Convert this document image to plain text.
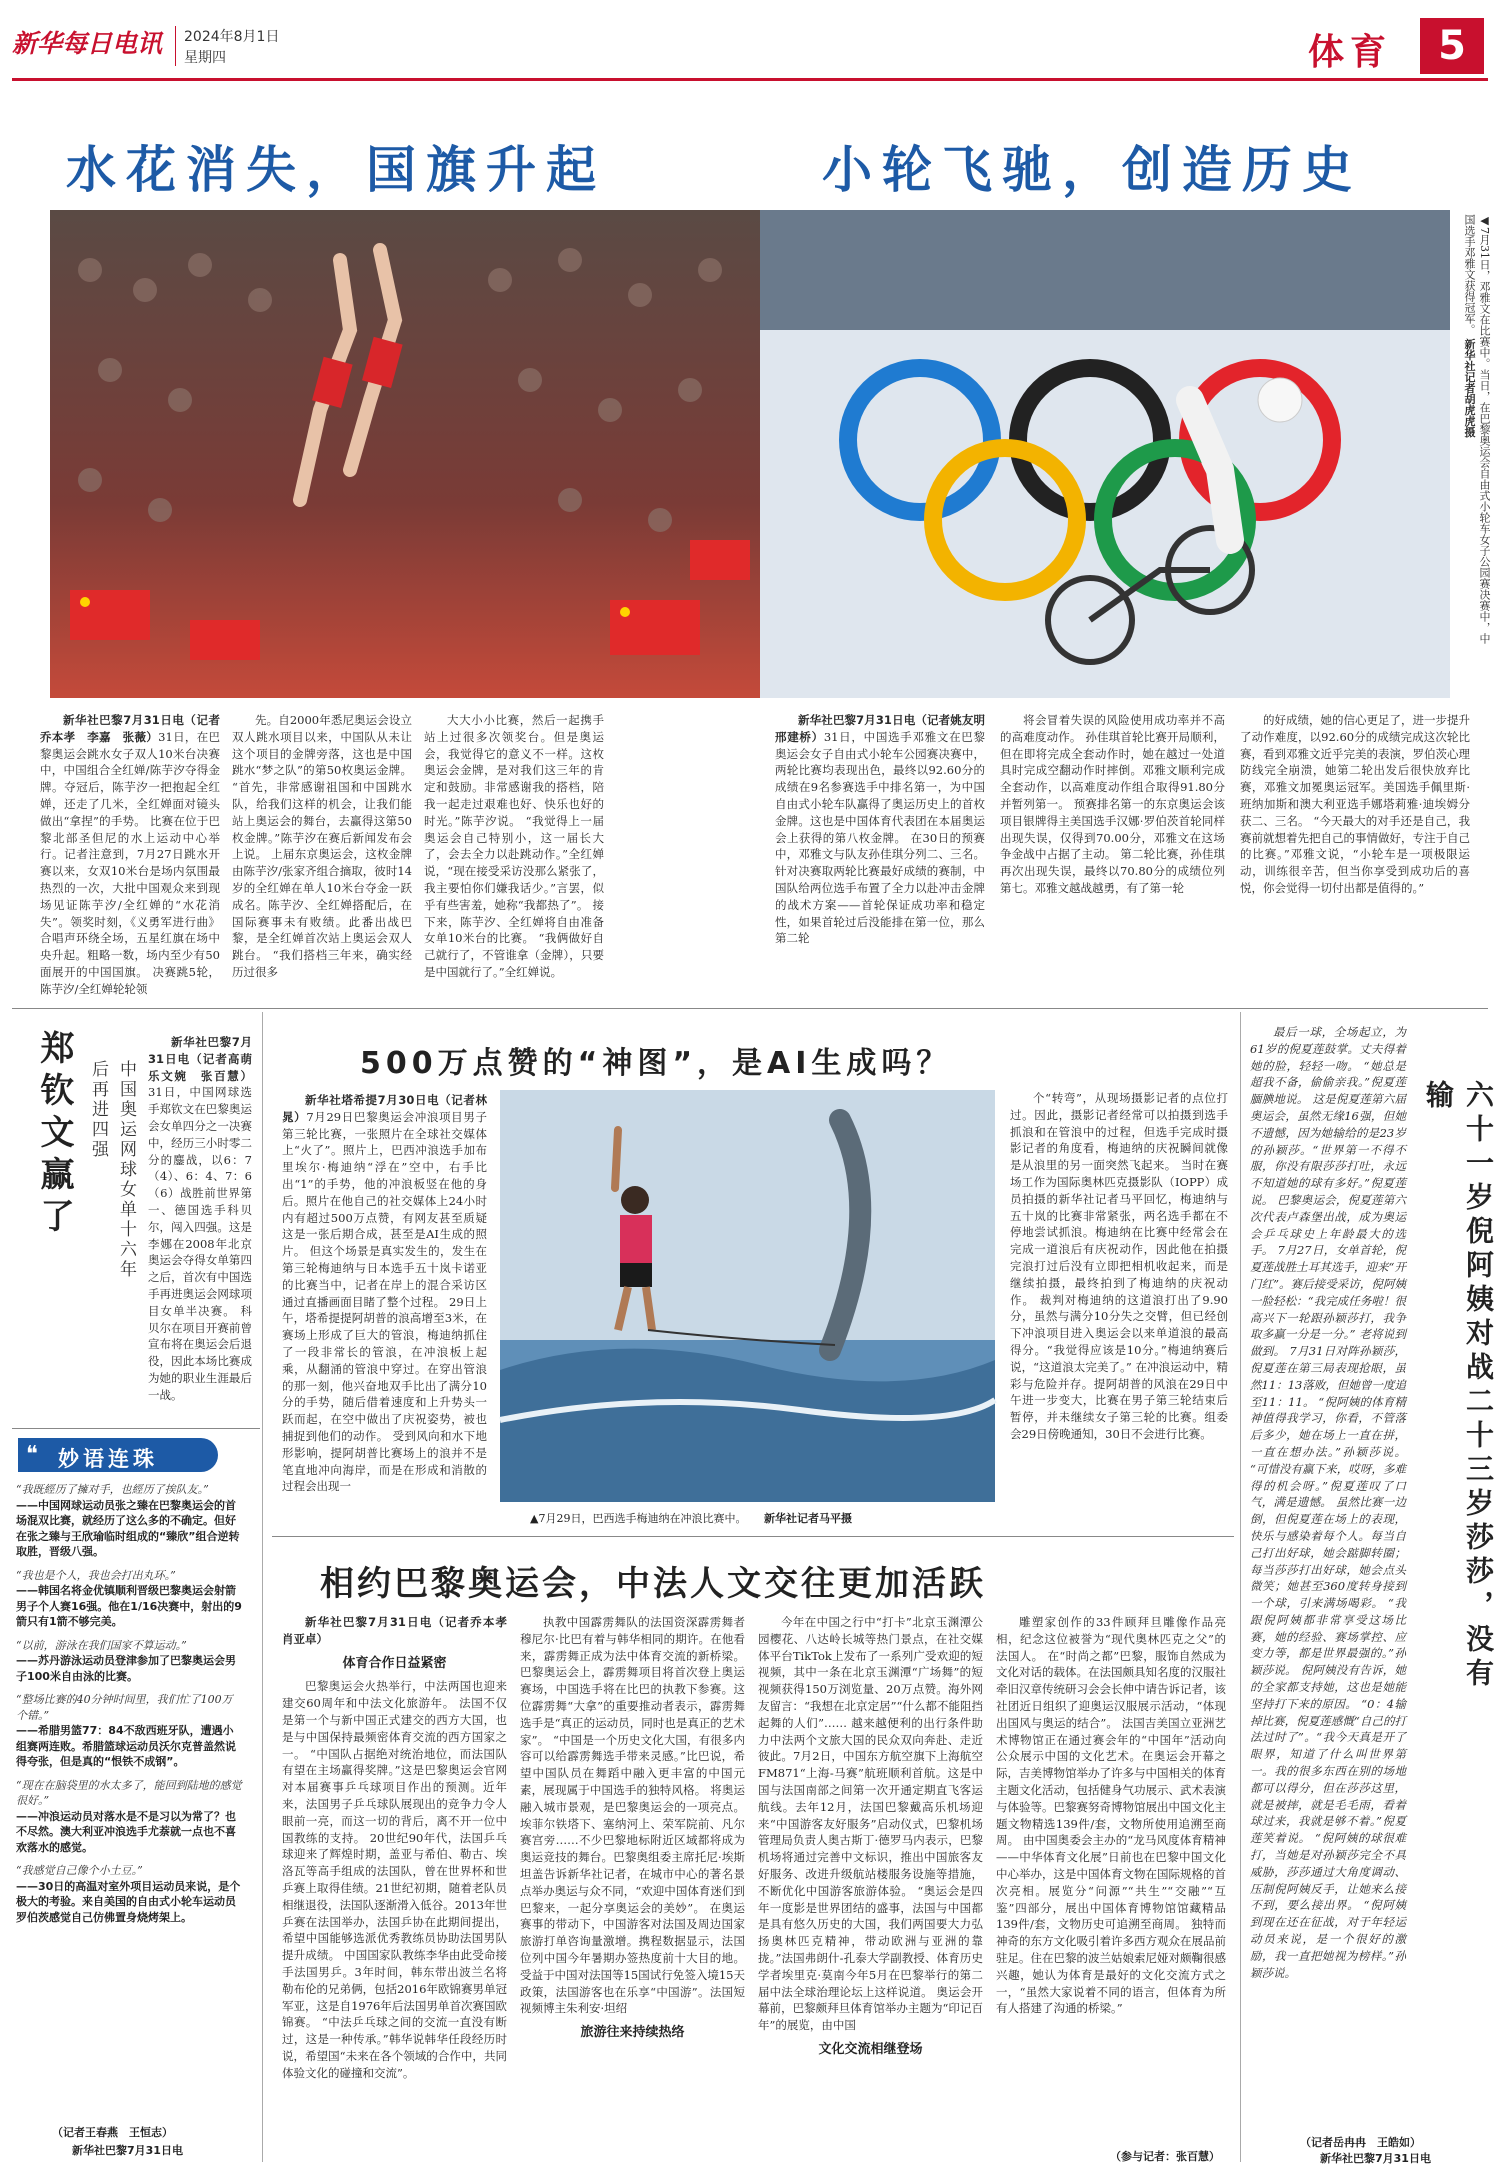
新华每日电讯 2024年8月1日
星期四	体育	5
水花消失，国旗升起	小轮飞驰，创造历史
◀7月31日，邓雅文在比赛中。当日，在巴黎奥运会自由式小轮车女子公园赛决赛中，中国选手邓雅文获得冠军。 新华社记者胡虎虎摄

新华社巴黎7月31日电（记者乔本孝　李嘉　张薇）31日，在巴黎奥运会跳水女子双人10米台决赛中，中国组合全红婵/陈芋汐夺得金牌。夺冠后，陈芋汐一把抱起全红婵，还走了几米，全红婵面对镜头做出“拿捏”的手势。 比赛在位于巴黎北部圣但尼的水上运动中心举行。记者注意到，7月27日跳水开赛以来，女双10米台是场内氛围最热烈的一次，大批中国观众来到现场见证陈芋汐/全红婵的“水花消失”。领奖时刻，《义勇军进行曲》合唱声环绕全场，五星红旗在场中央升起。粗略一数，场内至少有50面展开的中国国旗。 决赛跳5轮，陈芋汐/全红婵轮轮领

先。自2000年悉尼奥运会设立双人跳水项目以来，中国队从未让这个项目的金牌旁落，这也是中国跳水“梦之队”的第50枚奥运金牌。 “首先，非常感谢祖国和中国跳水队，给我们这样的机会，让我们能站上奥运会的舞台，去赢得这第50枚金牌。”陈芋汐在赛后新闻发布会上说。 上届东京奥运会，这枚金牌由陈芋汐/张家齐组合摘取，彼时14岁的全红婵在单人10米台夺金一跃成名。陈芋汐、全红婵搭配后，在国际赛事未有败绩。此番出战巴黎，是全红婵首次站上奥运会双人跳台。 “我们搭档三年来，确实经历过很多

大大小小比赛，然后一起携手站上过很多次领奖台。但是奥运会，我觉得它的意义不一样。这枚奥运会金牌，是对我们这三年的肯定和鼓励。非常感谢我的搭档，陪我一起走过艰难也好、快乐也好的时光。”陈芋汐说。 “我觉得上一届奥运会自己特别小，这一届长大了，会去全力以赴跳动作。”全红婵说，“现在接受采访没那么紧张了，我主要怕你们嫌我话少。”言罢，似乎有些害羞，她称“我都热了”。 接下来，陈芋汐、全红婵将自由准备女单10米台的比赛。 “我俩做好自己就行了，不管谁拿（金牌），只要是中国就行了。”全红婵说。

新华社巴黎7月31日电（记者姚友明　邢建桥）31日，中国选手邓雅文在巴黎奥运会女子自由式小轮车公园赛决赛中，两轮比赛均表现出色，最终以92.60分的成绩在9名参赛选手中排名第一，为中国自由式小轮车队赢得了奥运历史上的首枚金牌。这也是中国体育代表团在本届奥运会上获得的第八枚金牌。 在30日的预赛中，邓雅文与队友孙佳琪分列二、三名。针对决赛取两轮比赛最好成绩的赛制，中国队给两位选手布置了全力以赴冲击金牌的战术方案——首轮保证成功率和稳定性，如果首轮过后没能排在第一位，那么第二轮

将会冒着失误的风险使用成功率并不高的高难度动作。 孙佳琪首轮比赛开局顺利，但在即将完成全套动作时，她在越过一处道具时完成空翻动作时摔倒。邓雅文顺利完成全套动作，以高难度动作组合取得91.80分并暂列第一。 预赛排名第一的东京奥运会该项目银牌得主美国选手汉娜·罗伯茨首轮同样出现失误，仅得到70.00分，邓雅文在这场争金战中占据了主动。 第二轮比赛，孙佳琪再次出现失误，最终以70.80分的成绩位列第七。邓雅文越战越勇，有了第一轮

的好成绩，她的信心更足了，进一步提升了动作难度，以92.60分的成绩完成这次轮比赛，看到邓雅文近乎完美的表演，罗伯茨心理防线完全崩溃，她第二轮出发后很快放弃比赛，邓雅文加冕奥运冠军。美国选手佩里斯·班纳加斯和澳大利亚选手娜塔莉雅·迪埃姆分获二、三名。 “今天最大的对手还是自己，我赛前就想着先把自己的事情做好，专注于自己的比赛。”邓雅文说，“小轮车是一项极限运动，训练很辛苦，但当你享受到成功后的喜悦，你会觉得一切付出都是值得的。”

郑钦文赢了	中国奥运网球女单十六年后再进四强

新华社巴黎7月31日电（记者高萌　乐文婉　张百慧）31日，中国网球选手郑钦文在巴黎奥运会女单四分之一决赛中，经历三小时零二分的鏖战，以6：7（4）、6：4、7：6（6）战胜前世界第一、德国选手科贝尔，闯入四强。这是李娜在2008年北京奥运会夺得女单第四之后，首次有中国选手再进奥运会网球项目女单半决赛。 科贝尔在项目开赛前曾宣布将在奥运会后退役，因此本场比赛成为她的职业生涯最后一战。

❝ 妙语连珠
“我既經历了擁对手，也經历了挨队友。”
——中国网球运动员张之臻在巴黎奥运会的首场混双比赛，就经历了这么多的不确定。但好在张之臻与王欣瑜临时组成的“臻欣”组合逆转取胜，晋级八强。
“我也是个人，我也会打出丸环。”
——韩国名将金优镇顺利晋级巴黎奥运会射箭男子个人赛16强。他在1/16决赛中，射出的9箭只有1箭不够完美。
“以前，游泳在我们国家不算运动。”
——苏丹游泳运动员登津参加了巴黎奥运会男子100米自由泳的比赛。
“整场比赛的40分钟时间里，我们忙了100万个错。”
——希腊男篮77：84不敌西班牙队，遭遇小组赛两连败。希腊篮球运动员沃尔克普盖然说得夸张，但是真的“恨铁不成钢”。
“现在在脑袋里的水太多了，能回到陆地的感觉很好。”
——冲浪运动员对落水是不是习以为常了？也不尽然。澳大利亚冲浪选手尤萘就一点也不喜欢落水的感觉。
“我感觉自己像个小土豆。”
——30日的高温对室外项目运动员来说，是个极大的考验。来自美国的自由式小轮车运动员罗伯茨感觉自己仿佛置身烧烤架上。
（记者王春燕　王恒志）
新华社巴黎7月31日电
500万点赞的“神图”，是AI生成吗？

新华社塔希提7月30日电（记者林晁）7月29日巴黎奥运会冲浪项目男子第三轮比赛，一张照片在全球社交媒体上“火了”。照片上，巴西冲浪选手加布里埃尔·梅迪纳“浮在”空中，右手比出“1”的手势，他的冲浪板竖在他的身后。照片在他自己的社交媒体上24小时内有超过500万点赞，有网友甚至质疑这是一张后期合成，甚至是AI生成的照片。 但这个场景是真实发生的，发生在第三轮梅迪纳与日本选手五十岚卡诺亚的比赛当中，记者在岸上的混合采访区通过直播画面目睹了整个过程。 29日上午，塔希提提阿胡普的浪高增至3米，在赛场上形成了巨大的管浪，梅迪纳抓住了一段非常长的管浪，在冲浪板上起乘，从翻涌的管浪中穿过。在穿出管浪的那一刻，他兴奋地双手比出了满分10分的手势，随后借着速度和上升势头一跃而起，在空中做出了庆祝姿势，被也捕捉到他们的动作。 受到风向和水下地形影响，提阿胡普比赛场上的浪并不是笔直地冲向海岸，而是在形成和消散的过程会出现一

▲7月29日，巴西选手梅迪纳在冲浪比赛中。 新华社记者马平摄

个“转弯”，从现场摄影记者的点位打过。因此，摄影记者经常可以拍摄到选手抓浪和在管浪中的过程，但选手完成时摄影记者的角度看，梅迪纳的庆祝瞬间就像是从浪里的另一面突然飞起来。 当时在赛场工作为国际奥林匹克摄影队（IOPP）成员拍摄的新华社记者马平回忆，梅迪纳与五十岚的比赛非常紧张，两名选手都在不停地尝试抓浪。梅迪纳在比赛中经常会在完成一道浪后有庆祝动作，因此他在拍摄完浪打过后没有立即把相机收起来，而是继续拍摄，最终拍到了梅迪纳的庆祝动作。 裁判对梅迪纳的这道浪打出了9.90分，虽然与满分10分失之交臂，但已经创下冲浪项目进入奥运会以来单道浪的最高得分。“我觉得应该是10分。”梅迪纳赛后说，“这道浪太完美了。” 在冲浪运动中，精彩与危险并存。提阿胡普的风浪在29日中午进一步变大，比赛在男子第三轮结束后暂停，并未继续女子第三轮的比赛。组委会29日傍晚通知，30日不会进行比赛。	六十一岁倪阿姨对战二十三岁莎莎，没有输

最后一球，全场起立，为61岁的倪夏莲鼓掌。丈夫得着她的脸，轻轻一吻。 “她总是超我不备，偷偷亲我。”倪夏莲腼腆地说。 这是倪夏莲第六届奥运会，虽然无缘16强，但她不遗憾，因为她输给的是23岁的孙颖莎。“世界第一不得不服，你没有限莎莎打吐，永远不知道她的球有多好。”倪夏莲说。 巴黎奥运会，倪夏莲第六次代表卢森堡出战，成为奥运会乒乓球史上年龄最大的选手。 7月27日，女单首轮，倪夏莲战胜土耳其选手，迎来“开门红”。赛后接受采访，倪阿姨一脸轻松：“我完成任务啦！很高兴下一轮跟孙颖莎打，我争取多赢一分是一分。” 老将说到做到。 7月31日对阵孙颖莎，倪夏莲在第三局表现抢眼，虽然11：13落败，但她曾一度追至11：11。 “倪阿姨的体育精神值得我学习，你看，不管落后多少，她在场上一直在拼，一直在想办法。”孙颖莎说。 “可惜没有赢下来，哎呀，多难得的机会呀。”倪夏莲叹了口气，满是遗憾。 虽然比赛一边倒，但倪夏莲在场上的表现，快乐与感染着每个人。每当自己打出好球，她会踮脚转圈；每当莎莎打出好球，她会点头微笑；她甚至360度转身接到一个球，引来满场喝彩。 “我跟倪阿姨都非常享受这场比赛，她的经验、赛场掌控、应变力等，都是世界最强的。”孙颖莎说。 倪阿姨没有告诉，她的全家都支持她，这也是她能坚持打下来的原因。 “0：4输掉比赛，倪夏莲感慨“自己的打法过时了”。“我今天真是开了眼界，知道了什么叫世界第一。我的很多东西在别的场地都可以得分，但在莎莎这里，就是被摔，就是毛毛雨，看着球过来，我就是够不着。”倪夏莲笑着说。 “倪阿姨的球很难打，当她是对孙颖莎完全不具威胁，莎莎通过大角度调动、压制倪阿姨反手，让她来么接不到，要么接出界。 “倪阿姨到现在还在征战，对于年轻运动员来说，是一个很好的激励，我一直把她视为榜样。”孙颖莎说。

（记者岳冉冉　王皓如）
新华社巴黎7月31日电
相约巴黎奥运会，中法人文交往更加活跃

新华社巴黎7月31日电（记者乔本孝　肖亚卓）

体育合作日益紧密

巴黎奥运会火热举行，中法两国也迎来建交60周年和中法文化旅游年。 法国不仅是第一个与新中国正式建交的西方大国，也是与中国保持最频密体育交流的西方国家之一。 “中国队占据绝对统治地位，而法国队有望在主场赢得奖牌。”这是巴黎奥运会官网对本届赛事乒乓球项目作出的预测。近年来，法国男子乒乓球队展现出的竞争力令人眼前一亮，而这一切的背后，离不开一位中国教练的支持。 20世纪90年代，法国乒乓球迎来了辉煌时期，盖亚与希伯、勒古、埃洛瓦等高手组成的法国队，曾在世界杯和世乒赛上取得佳绩。21世纪初期，随着老队员相继退役，法国队逐渐滑入低谷。2013年世乒赛在法国举办，法国乒协在此期间提出，希望中国能够选派优秀教练员协助法国男队提升成绩。 中国国家队教练李华由此受命接手法国男乒。3年时间，韩东带出波兰名将勒布伦的兄弟俩，包括2016年欧锦赛男单冠军亚，这是自1976年后法国男单首次赛国欧锦赛。 “中法乒乓球之间的交流一直没有断过，这是一种传承。”韩华说韩华任段经历时说，希望国“未来在各个领域的合作中，共同体验文化的碰撞和交流”。

执教中国霹雳舞队的法国资深霹雳舞者穆尼尔·比巴有着与韩华相同的期许。在他看来，霹雳舞正成为法中体育交流的新桥梁。 巴黎奥运会上，霹雳舞项目将首次登上奥运赛场，中国选手将在比巴的执教下参赛。这位霹雳舞“大拿”的重要推动者表示，霹雳舞选手是“真正的运动员，同时也是真正的艺术家”。 “中国是一个历史文化大国，有很多内容可以给霹雳舞选手带来灵感。”比巴说，希望中国队员在舞蹈中融入更丰富的中国元素，展现属于中国选手的独特风格。 将奥运融入城市景观，是巴黎奥运会的一项亮点。埃菲尔铁塔下、塞纳河上、荣军院前、凡尔赛宫旁……不少巴黎地标附近区域都将成为奥运竞技的舞台。巴黎奥组委主席托尼·埃斯坦盖告诉新华社记者，在城市中心的著名景点举办奥运与众不同，“欢迎中国体育迷们到巴黎来，一起分享奥运会的美妙”。 在奥运赛事的带动下，中国游客对法国及周边国家旅游打单咨询量激增。携程数据显示，法国位列中国今年暑期办签热度前十大目的地。 受益于中国对法国等15国试行免签入境15天政策，法国游客也在乐享“中国游”。法国短视频博主朱利安·坦绍

旅游往来持续热络

今年在中国之行中“打卡”北京玉渊潭公园樱花、八达岭长城等热门景点，在社交媒体平台TikTok上发布了一系列广受欢迎的短视频，其中一条在北京玉渊潭“广场舞”的短视频获得150万浏览量、20万点赞。海外网友留言：“我想在北京定居”“什么都不能阻挡起舞的人们”…… 越来越便利的出行条件助力中法两个文旅大国的民众双向奔赴、走近彼此。7月2日，中国东方航空旗下上海航空FM871“上海-马赛”航班顺利首航。这是中国与法国南部之间第一次开通定期直飞客运航线。去年12月，法国巴黎戴高乐机场迎来“中国游客友好服务”启动仪式，巴黎机场管理局负责人奥古斯丁·德罗马内表示，巴黎机场将通过完善中文标识，推出中国旅客友好服务、改进升级航站楼服务设施等措施，不断优化中国游客旅游体验。 “奥运会是四年一度影是世界团结的盛事，法国与中国都是具有悠久历史的大国，我们两国要大力弘扬奥林匹克精神，带动欧洲与亚洲的靠拢。”法国弗朗什-孔泰大学副教授、体育历史学者埃里克·莫南今年5月在巴黎举行的第二届中法全球治理论坛上这样说道。 奥运会开幕前，巴黎颇拜旦体育馆举办主题为“印记百年”的展览，由中国

文化交流相继登场

雕塑家创作的33件顾拜旦雕像作品亮相，纪念这位被誉为“现代奥林匹克之父”的法国人。 在“时尚之都”巴黎，服饰自然成为文化对话的载体。在法国颇具知名度的汉服社牵旧汉章传统研习会会长伸中请告诉记者，该社团近日组织了迎奥运汉服展示活动，“体现出国风与奥运的结合”。 法国吉美国立亚洲艺术博物馆正在通过赛会年的“中国年”活动向公众展示中国的文化艺术。在奥运会开幕之际，吉美博物馆举办了许多与中国相关的体育主题文化活动，包括健身气功展示、武术表演与体验等。巴黎赛努奇博物馆展出中国文化主题文物精选139件/套，文物所使用追溯至商周。 由中国奥委会主办的“龙马风度体育精神——中华体育文化展”日前也在巴黎中国文化中心举办，这是中国体育文物在国际规格的首次亮相。展览分“问源”“共生”“交融”“互鉴”四部分，展出中国体育博物馆馆藏精品139件/套，文物历史可追溯至商周。 独特而神奇的东方文化吸引着许多西方观众在展品前驻足。住在巴黎的波兰姑娘索尼娅对颇鞠很感兴趣，她认为体育是最好的文化交流方式之一，“虽然大家说着不同的语言，但体育为所有人搭建了沟通的桥梁。”

（参与记者：张百慧）
